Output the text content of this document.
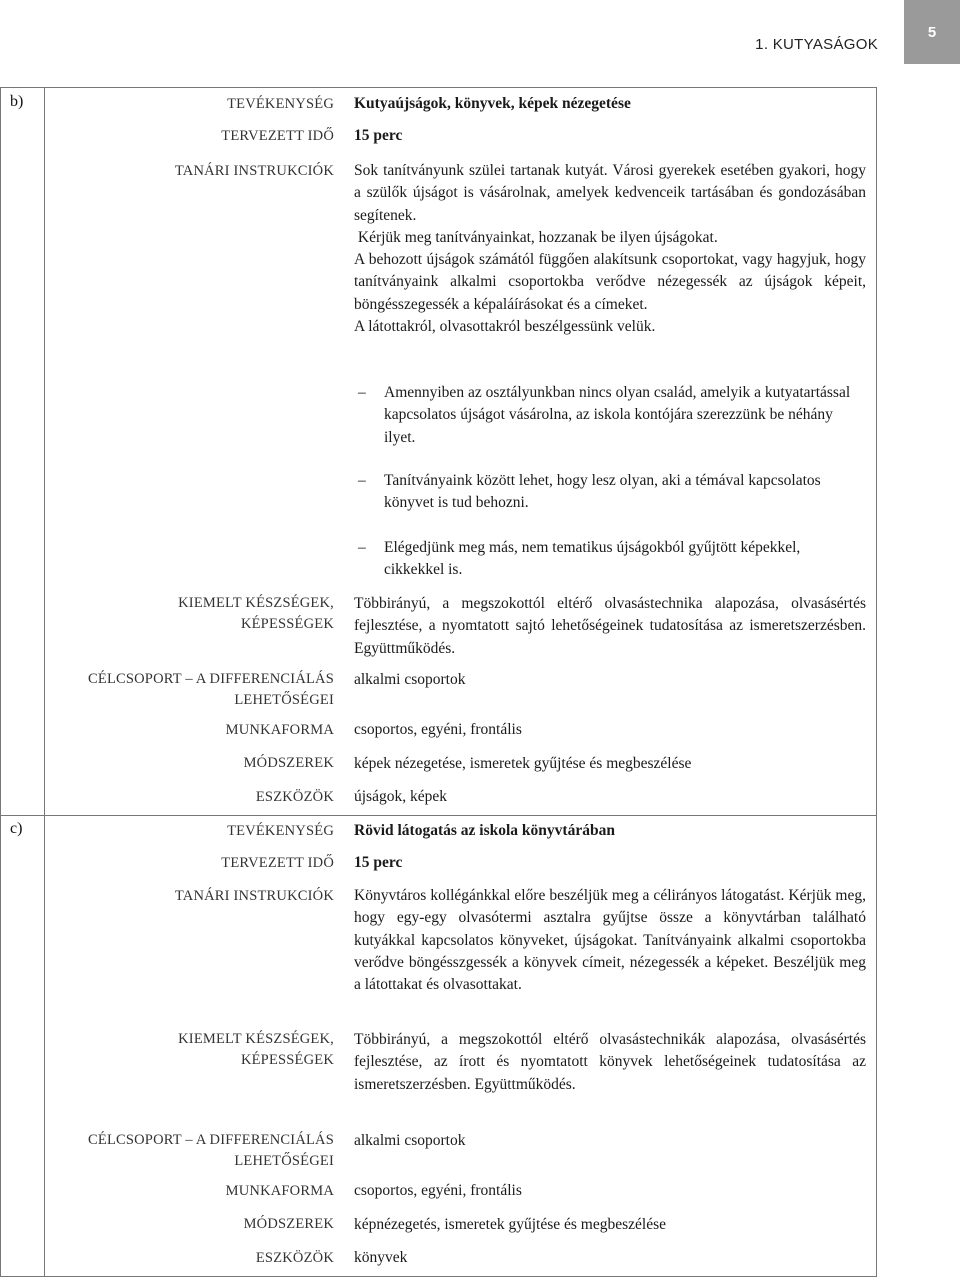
1. KUTYASÁGOK
5
b)	TEVÉKENYSÉG Kutyaújságok, könyvek, képek nézegetése
TERVEZETT IDŐ 15 perc
TANÁRI INSTRUKCIÓK Sok tanítványunk szülei tartanak kutyát. Városi gyerekek esetében gyakori, hogy a szülők újságot is vásárolnak, amelyek kedvenceik tartásában és gondozásában segítenek.

Kérjük meg tanítványainkat, hozzanak be ilyen újságokat.

A behozott újságok számától függően alakítsunk csoportokat, vagy hagyjuk, hogy tanítványaink alkalmi csoportokba verődve nézegessék az újságok képeit, böngésszegessék a képaláírásokat és a címeket.

A látottakról, olvasottakról beszélgessünk velük.

– Amennyiben az osztályunkban nincs olyan család, amelyik a kutyatartással kapcsolatos újságot vásárolna, az iskola kontójára szerezzünk be néhány ilyet.
– Tanítványaink között lehet, hogy lesz olyan, aki a témával kapcsolatos könyvet is tud behozni.
– Elégedjünk meg más, nem tematikus újságokból gyűjtött képekkel, cikkekkel is.
KIEMELT KÉSZSÉGEK, KÉPESSÉGEK
Többirányú, a megszokottól eltérő olvasástechnika alapozása, olvasásértés fejlesztése, a nyomtatott sajtó lehetőségeinek tudatosítása az ismeretszerzésben. Együttműködés.
CÉLCSOPORT – A DIFFERENCIÁLÁS LEHETŐSÉGEI
alkalmi csoportok
MUNKAFORMA csoportos, egyéni, frontális
MÓDSZEREK képek nézegetése, ismeretek gyűjtése és megbeszélése
ESZKÖZÖK újságok, képek
c)	TEVÉKENYSÉG Rövid látogatás az iskola könyvtárában
TERVEZETT IDŐ 15 perc
TANÁRI INSTRUKCIÓK Könyvtáros kollégánkkal előre beszéljük meg a célirányos látogatást. Kérjük meg, hogy egy-egy olvasótermi asztalra gyűjtse össze a könyvtárban található kutyákkal kapcsolatos könyveket, újságokat. Tanítványaink alkalmi csoportokba verődve böngésszgessék a könyvek címeit, nézegessék a képeket. Beszéljük meg a látottakat és olvasottakat.
KIEMELT KÉSZSÉGEK, KÉPESSÉGEK
Többirányú, a megszokottól eltérő olvasástechnikák alapozása, olvasásértés fejlesztése, az írott és nyomtatott könyvek lehetőségeinek tudatosítása az ismeretszerzésben. Együttműködés.
CÉLCSOPORT – A DIFFERENCIÁLÁS LEHETŐSÉGEI
alkalmi csoportok
MUNKAFORMA csoportos, egyéni, frontális
MÓDSZEREK képnézegetés, ismeretek gyűjtése és megbeszélése
ESZKÖZÖK könyvek
